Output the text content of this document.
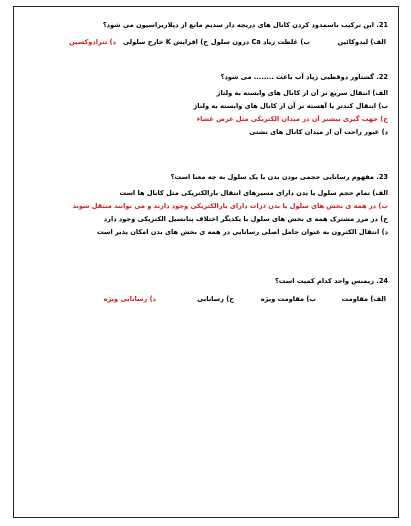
21. این ترکیب باسمدود کردن کانال های دریچه دار سدیم مانع از دپلاریزاسیون می شود؟
الف) لیدوکائین
ب) غلظت زیاد Ca درون سلول
ج) افزایش K خارج سلولی
د) تترادوکسین
22. گشتاور دوقطبی زیاد آب باعث ........ می شود؟
الف) انتقال سریع تر آن از کانال های وابسته به ولتاژ
ب) انتقال کندتر یا آهسته تر آن از کانال های وابسته به ولتاژ
ج) جهت گیری بیشتر آن در میدان الکتریکی مثل عرض غشاء
د) عبور راحت آن از میدان کانال های نشتی
23. مفهوم رسانایی حجمی بودن بدن یا یک سلول به چه معنا است؟
الف) تمام حجم سلول یا بدن دارای مسیرهای انتقال بارالکتریکی مثل کانال ها است
ب) در همه ی بخش های سلول یا بدن ذرات دارای بارالکتریکی وجود دارند و می توانند منتقل شوند
ج) در مرز مشترک همه ی بخش های سلول با یکدیگر اختلاف پتانسیل الکتریکی وجود دارد
د) انتقال الکترون به عنوان حامل اصلی رسانایی در همه ی بخش های بدن امکان پذیر است
24. زیمنس واحد کدام کمیت است؟
الف) مقاومت
ب) مقاومت ویژه
ج) رسانایی
د) رسانایی ویژه
